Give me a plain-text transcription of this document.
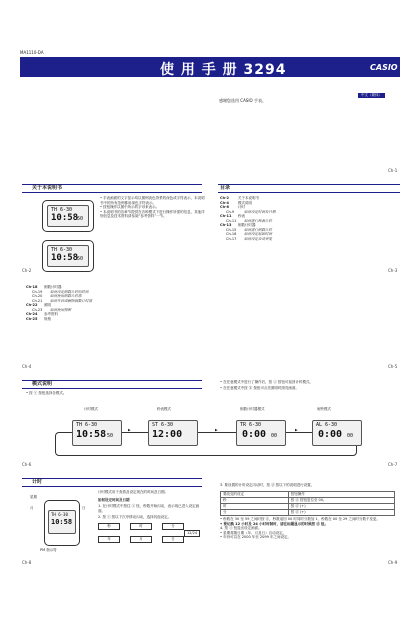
MA1110-DA
使 用 手 册 3294	CASIO
中文（简体）
感谢您选用 CASIO 手表。
Ch-1
关于本说明书
TH 6-30
10:58
50
TH 6-30
10:58
50
• 手表画面的文字显示均以图例淡色背景的深色或字符表示，本说明书中的所有范例都用深色字符表示。
• 按钮操作以图中所示的字母来表示。
• 本说明书的各章节提供在各种模式下进行操作所需的信息，其他详细信息及技术资料请参阅“参考资料”一节。
Ch-2
目录
Ch-2	关于本说明书
Ch-4	模式说明
Ch-6	计时
Ch-9	如何设定时间及日期
Ch-11 秒表
Ch-11 如何进行秒表计时
Ch-13 倒数计时器
Ch-15 如何进行倒数计时
Ch-16 如何设定起始时间
Ch-17 如何设定自动重复
Ch-3
Ch-18 倒数计时器
Ch-19 如何设定倒数计时的时间
Ch-20 如何使用倒数计时器
Ch-21 如何开启或解除倒数计时器
Ch-22 照明
Ch-23 如何使用照明
Ch-24 参考资料
Ch-25 规格
Ch-4	Ch-5
模式说明
• 按 ⓒ 按钮选择各模式。
• 在任意模式中进行了操作后，按 ⓐ 按钮可返回计时模式。
• 在任意模式中按 ⓑ 按钮可点亮照明时照亮画面。
计时模式	秒表模式	倒数计时器模式	闹铃模式
TH 6-30
10:58 50
ST 6-30
12:00
TR 6-30
0:00 00
AL 6-30
0:00 00
▶	▶	▶
Ch-6	Ch-7
计时
TH 6-30
10:58
星期
月	日
PM 指示符
计时模式用于查看及设定现在的时间及日期。
如何设定时间及日期
1. 在计时模式中按住 ⓐ 钮，秒数开始闪动，表示现已进入设定画面。
2. 按 ⓒ 按以下次序移动闪动，选择其他设定。
秒	时	分
年	月	日
12/24
3. 要设置的计时设定闪动时，按 ⓓ 按以下的说明进行设置。
要改变的设定	按钮操作
秒	按 ⓓ 按钮复位至 00。
时	按 ⓓ (+)
分	按 ⓓ (+)
• 秒数在 30 至 59 之间时按 ⓓ，秒数返回 00 时同时分数加 1，秒数在 00 至 29 之间时分数不变更。
• 要切换 12 小时及 24 小时时制时，请在标题显示的时候按 ⓓ 钮。
4. 按 ⓐ 钮退出设定画面。
• 星期将随日期（年、月及日）自动设定。
• 年份可以在 2000 年至 2099 年之间设定。
Ch-8	Ch-9
